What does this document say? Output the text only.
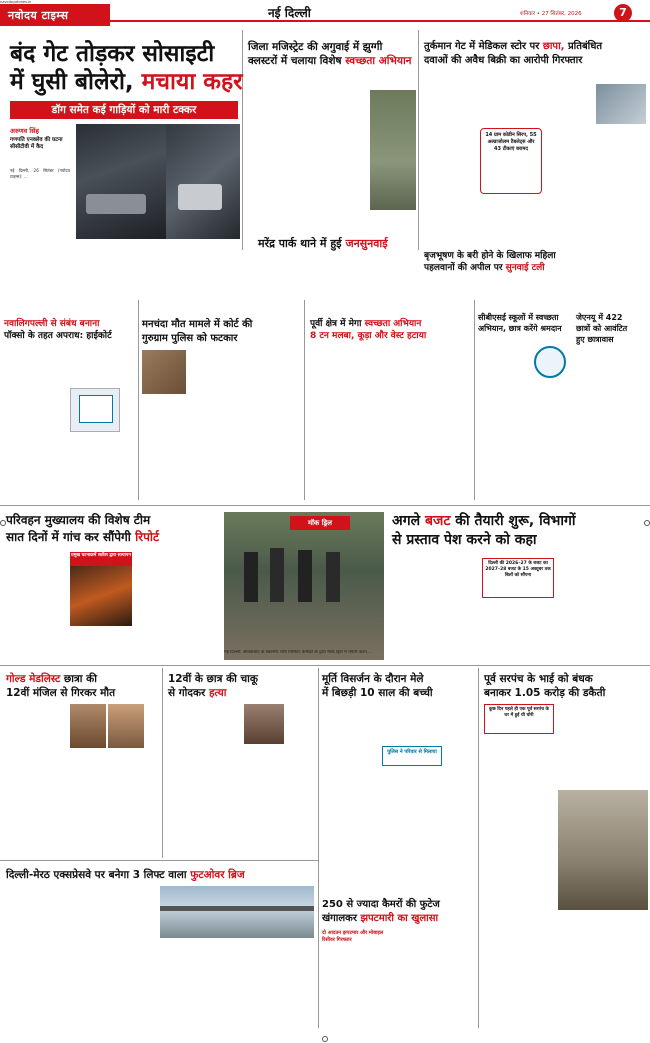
नवोदय टाइम्स
navodayatimes.in
नई दिल्ली	शनिवार • 27 सितंबर, 2026	7
बंद गेट तोड़कर सोसाइटी
में घुसी बोलेरो, मचाया कहर
डॉग समेत कई गाड़ियों को मारी टक्कर
अरुणव सिंह
गणपति एनक्लेव की घटना सीसीटीवी में कैद
नई दिल्ली, 26 सितंबर (नवोदय टाइम्स): ...
जिला मजिस्ट्रेट की अगुवाई में झुग्गी
क्लस्टरों में चलाया विशेष स्वच्छता अभियान
तुर्कमान गेट में मेडिकल स्टोर पर छापा, प्रतिबंधित
दवाओं की अवैध बिक्री का आरोपी गिरफ्तार
14 ग्राम कोडीन सिरप, 55 अल्प्राजोलम टैबलेट्स और 43 टीकाएं बरामद
मरेंद्र पार्क थाने में हुई जनसुनवाई
बृजभूषण के बरी होने के खिलाफ महिला
पहलवानों की अपील पर सुनवाई टली
नवालिगपल्ली से संबंध बनाना
पॉक्सो के तहत अपराध: हाईकोर्ट
मनचंदा मौत मामले में कोर्ट की
गुरुग्राम पुलिस को फटकार
पूर्वी क्षेत्र में मेगा स्वच्छता अभियान
8 टन मलबा, कूड़ा और वेस्ट हटाया
सीबीएसई स्कूलों में स्वच्छता
अभियान, छात्र करेंगे श्रमदान
जेएनयू में 422
छात्रों को आवंटित
हुए छात्रावास
परिवहन मुख्यालय की विशेष टीम
सात दिनों में गांच कर सौंपेगी रिपोर्ट
प्रमुख घटनाक्रमें सतीश द्वारा सत्यापन
मॉक ड्रिल
नई दिल्ली: आतंकवाद के खिलाफ चौथ विस्फोट कमांडो के द्वारा मॉक ड्रिल में तैयारी करते...
अगले बजट की तैयारी शुरू, विभागों
से प्रस्ताव पेश करने को कहा
दिल्ली की 2026–27 के बजट का 2027–28 बजट के 15 अक्टूबर तक बिलों को सौंपना
गोल्ड मेडलिस्ट छात्रा की
12वीं मंजिल से गिरकर मौत
12वीं के छात्र की चाकू
से गोदकर हत्या
मूर्ति विसर्जन के दौरान मेले
में बिछड़ी 10 साल की बच्ची
पुलिस ने परिवार से मिलाया
पूर्व सरपंच के भाई को बंधक
बनाकर 1.05 करोड़ की डकैती
कुछ दिन पहले ही एक पूर्व सरपंच के घर में हुई थी चोरी
दिल्ली-मेरठ एक्सप्रेसवे पर बनेगा 3 लिफ्ट वाला फुटओवर ब्रिज
250 से ज्यादा कैमरों की फुटेज
खंगालकर झपटमारी का खुलासा
दो आदतन झपटमार और मोबाइल रिसीवर गिरफ्तार
